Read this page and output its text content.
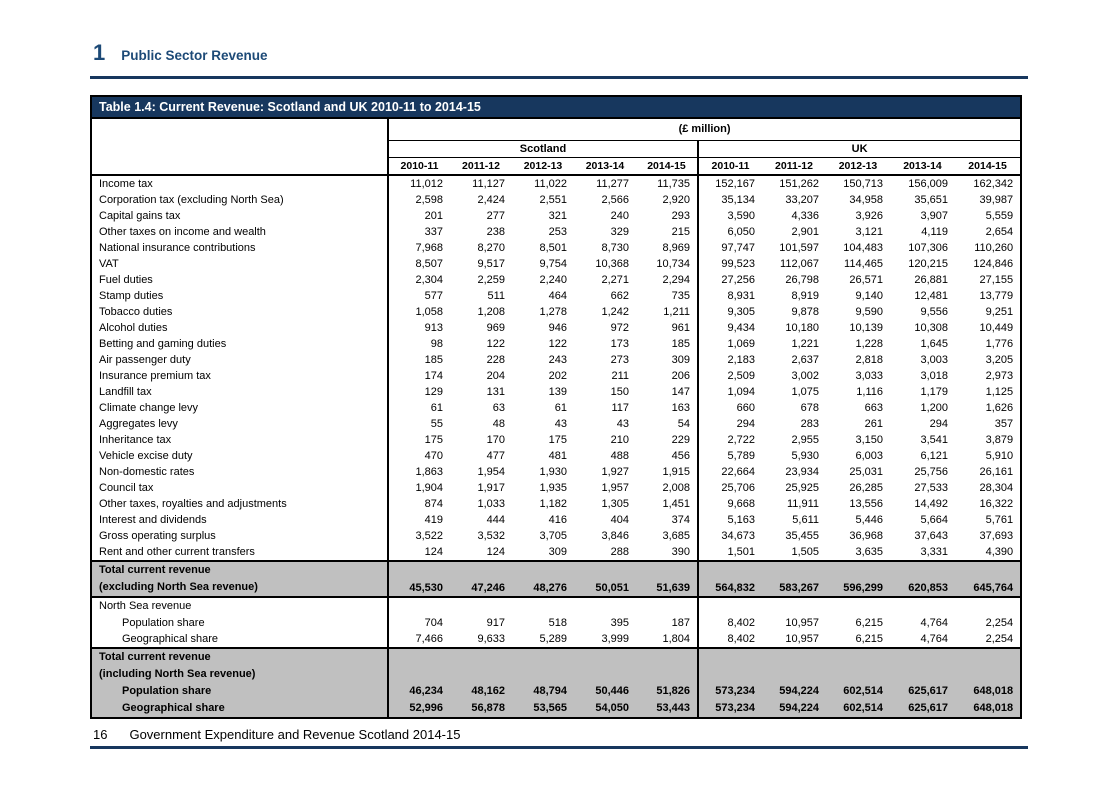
1 Public Sector Revenue
Table 1.4: Current Revenue: Scotland and UK 2010-11 to 2014-15
	(£ million)									
	Scotland					UK				
	2010-11	2011-12	2012-13	2013-14	2014-15	2010-11	2011-12	2012-13	2013-14	2014-15
Income tax	11,012	11,127	11,022	11,277	11,735	152,167	151,262	150,713	156,009	162,342
Corporation tax (excluding North Sea)	2,598	2,424	2,551	2,566	2,920	35,134	33,207	34,958	35,651	39,987
Capital gains tax	201	277	321	240	293	3,590	4,336	3,926	3,907	5,559
Other taxes on income and wealth	337	238	253	329	215	6,050	2,901	3,121	4,119	2,654
National insurance contributions	7,968	8,270	8,501	8,730	8,969	97,747	101,597	104,483	107,306	110,260
VAT	8,507	9,517	9,754	10,368	10,734	99,523	112,067	114,465	120,215	124,846
Fuel duties	2,304	2,259	2,240	2,271	2,294	27,256	26,798	26,571	26,881	27,155
Stamp duties	577	511	464	662	735	8,931	8,919	9,140	12,481	13,779
Tobacco duties	1,058	1,208	1,278	1,242	1,211	9,305	9,878	9,590	9,556	9,251
Alcohol duties	913	969	946	972	961	9,434	10,180	10,139	10,308	10,449
Betting and gaming duties	98	122	122	173	185	1,069	1,221	1,228	1,645	1,776
Air passenger duty	185	228	243	273	309	2,183	2,637	2,818	3,003	3,205
Insurance premium tax	174	204	202	211	206	2,509	3,002	3,033	3,018	2,973
Landfill tax	129	131	139	150	147	1,094	1,075	1,116	1,179	1,125
Climate change levy	61	63	61	117	163	660	678	663	1,200	1,626
Aggregates levy	55	48	43	43	54	294	283	261	294	357
Inheritance tax	175	170	175	210	229	2,722	2,955	3,150	3,541	3,879
Vehicle excise duty	470	477	481	488	456	5,789	5,930	6,003	6,121	5,910
Non-domestic rates	1,863	1,954	1,930	1,927	1,915	22,664	23,934	25,031	25,756	26,161
Council tax	1,904	1,917	1,935	1,957	2,008	25,706	25,925	26,285	27,533	28,304
Other taxes, royalties and adjustments	874	1,033	1,182	1,305	1,451	9,668	11,911	13,556	14,492	16,322
Interest and dividends	419	444	416	404	374	5,163	5,611	5,446	5,664	5,761
Gross operating surplus	3,522	3,532	3,705	3,846	3,685	34,673	35,455	36,968	37,643	37,693
Rent and other current transfers	124	124	309	288	390	1,501	1,505	3,635	3,331	4,390

Total current revenue
(excluding North Sea revenue)	45,530	47,246	48,276	50,051	51,639	564,832	583,267	596,299	620,853	645,764
North Sea revenue										
Population share	704	917	518	395	187	8,402	10,957	6,215	4,764	2,254
Geographical share	7,466	9,633	5,289	3,999	1,804	8,402	10,957	6,215	4,764	2,254

Total current revenue
(including North Sea revenue)										

Population share	46,234	48,162	48,794	50,446	51,826	573,234	594,224	602,514	625,617	648,018
Geographical share	52,996	56,878	53,565	54,050	53,443	573,234	594,224	602,514	625,617	648,018
16 Government Expenditure and Revenue Scotland 2014-15
